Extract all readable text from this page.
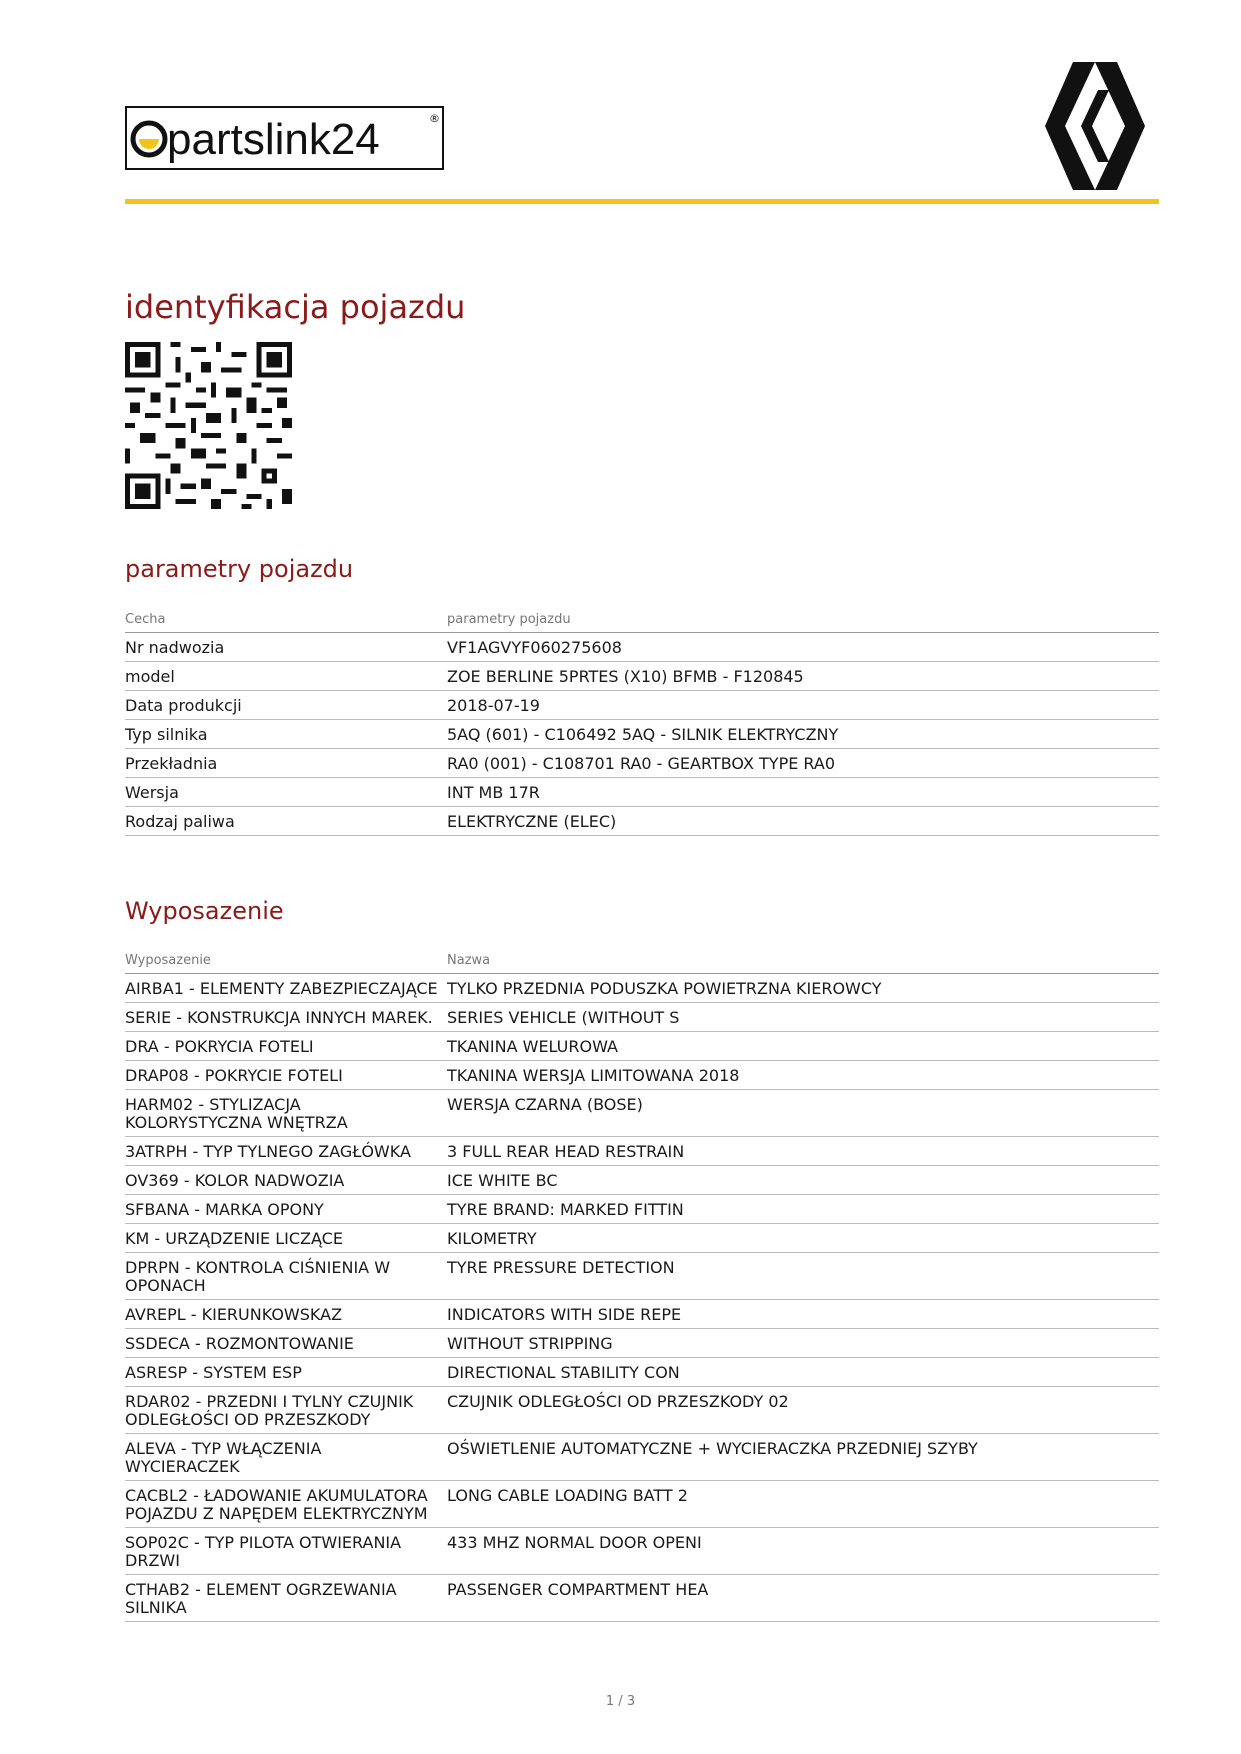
partslink24	®
identyfikacja pojazdu
parametry pojazdu
Cecha	parametry pojazdu
Nr nadwozia	VF1AGVYF060275608
model	ZOE BERLINE 5PRTES (X10) BFMB - F120845
Data produkcji	2018-07-19
Typ silnika	5AQ (601) - C106492 5AQ - SILNIK ELEKTRYCZNY
Przekładnia	RA0 (001) - C108701 RA0 - GEARTBOX TYPE RA0
Wersja	INT MB 17R
Rodzaj paliwa	ELEKTRYCZNE (ELEC)
Wyposazenie
Wyposazenie	Nazwa
AIRBA1 - ELEMENTY ZABEZPIECZAJĄCE	TYLKO PRZEDNIA PODUSZKA POWIETRZNA KIEROWCY
SERIE - KONSTRUKCJA INNYCH MAREK.	SERIES VEHICLE (WITHOUT S
DRA - POKRYCIA FOTELI	TKANINA WELUROWA
DRAP08 - POKRYCIE FOTELI	TKANINA WERSJA LIMITOWANA 2018
HARM02 - STYLIZACJA KOLORYSTYCZNA WNĘTRZA	WERSJA CZARNA (BOSE)
3ATRPH - TYP TYLNEGO ZAGŁÓWKA	3 FULL REAR HEAD RESTRAIN
OV369 - KOLOR NADWOZIA	ICE WHITE BC
SFBANA - MARKA OPONY	TYRE BRAND: MARKED FITTIN
KM - URZĄDZENIE LICZĄCE	KILOMETRY
DPRPN - KONTROLA CIŚNIENIA W OPONACH	TYRE PRESSURE DETECTION
AVREPL - KIERUNKOWSKAZ	INDICATORS WITH SIDE REPE
SSDECA - ROZMONTOWANIE	WITHOUT STRIPPING
ASRESP - SYSTEM ESP	DIRECTIONAL STABILITY CON
RDAR02 - PRZEDNI I TYLNY CZUJNIK ODLEGŁOŚCI OD PRZESZKODY	CZUJNIK ODLEGŁOŚCI OD PRZESZKODY 02
ALEVA - TYP WŁĄCZENIA WYCIERACZEK	OŚWIETLENIE AUTOMATYCZNE + WYCIERACZKA PRZEDNIEJ SZYBY
CACBL2 - ŁADOWANIE AKUMULATORA POJAZDU Z NAPĘDEM ELEKTRYCZNYM	LONG CABLE LOADING BATT 2
SOP02C - TYP PILOTA OTWIERANIA DRZWI	433 MHZ NORMAL DOOR OPENI
CTHAB2 - ELEMENT OGRZEWANIA SILNIKA	PASSENGER COMPARTMENT HEA
1 / 3
